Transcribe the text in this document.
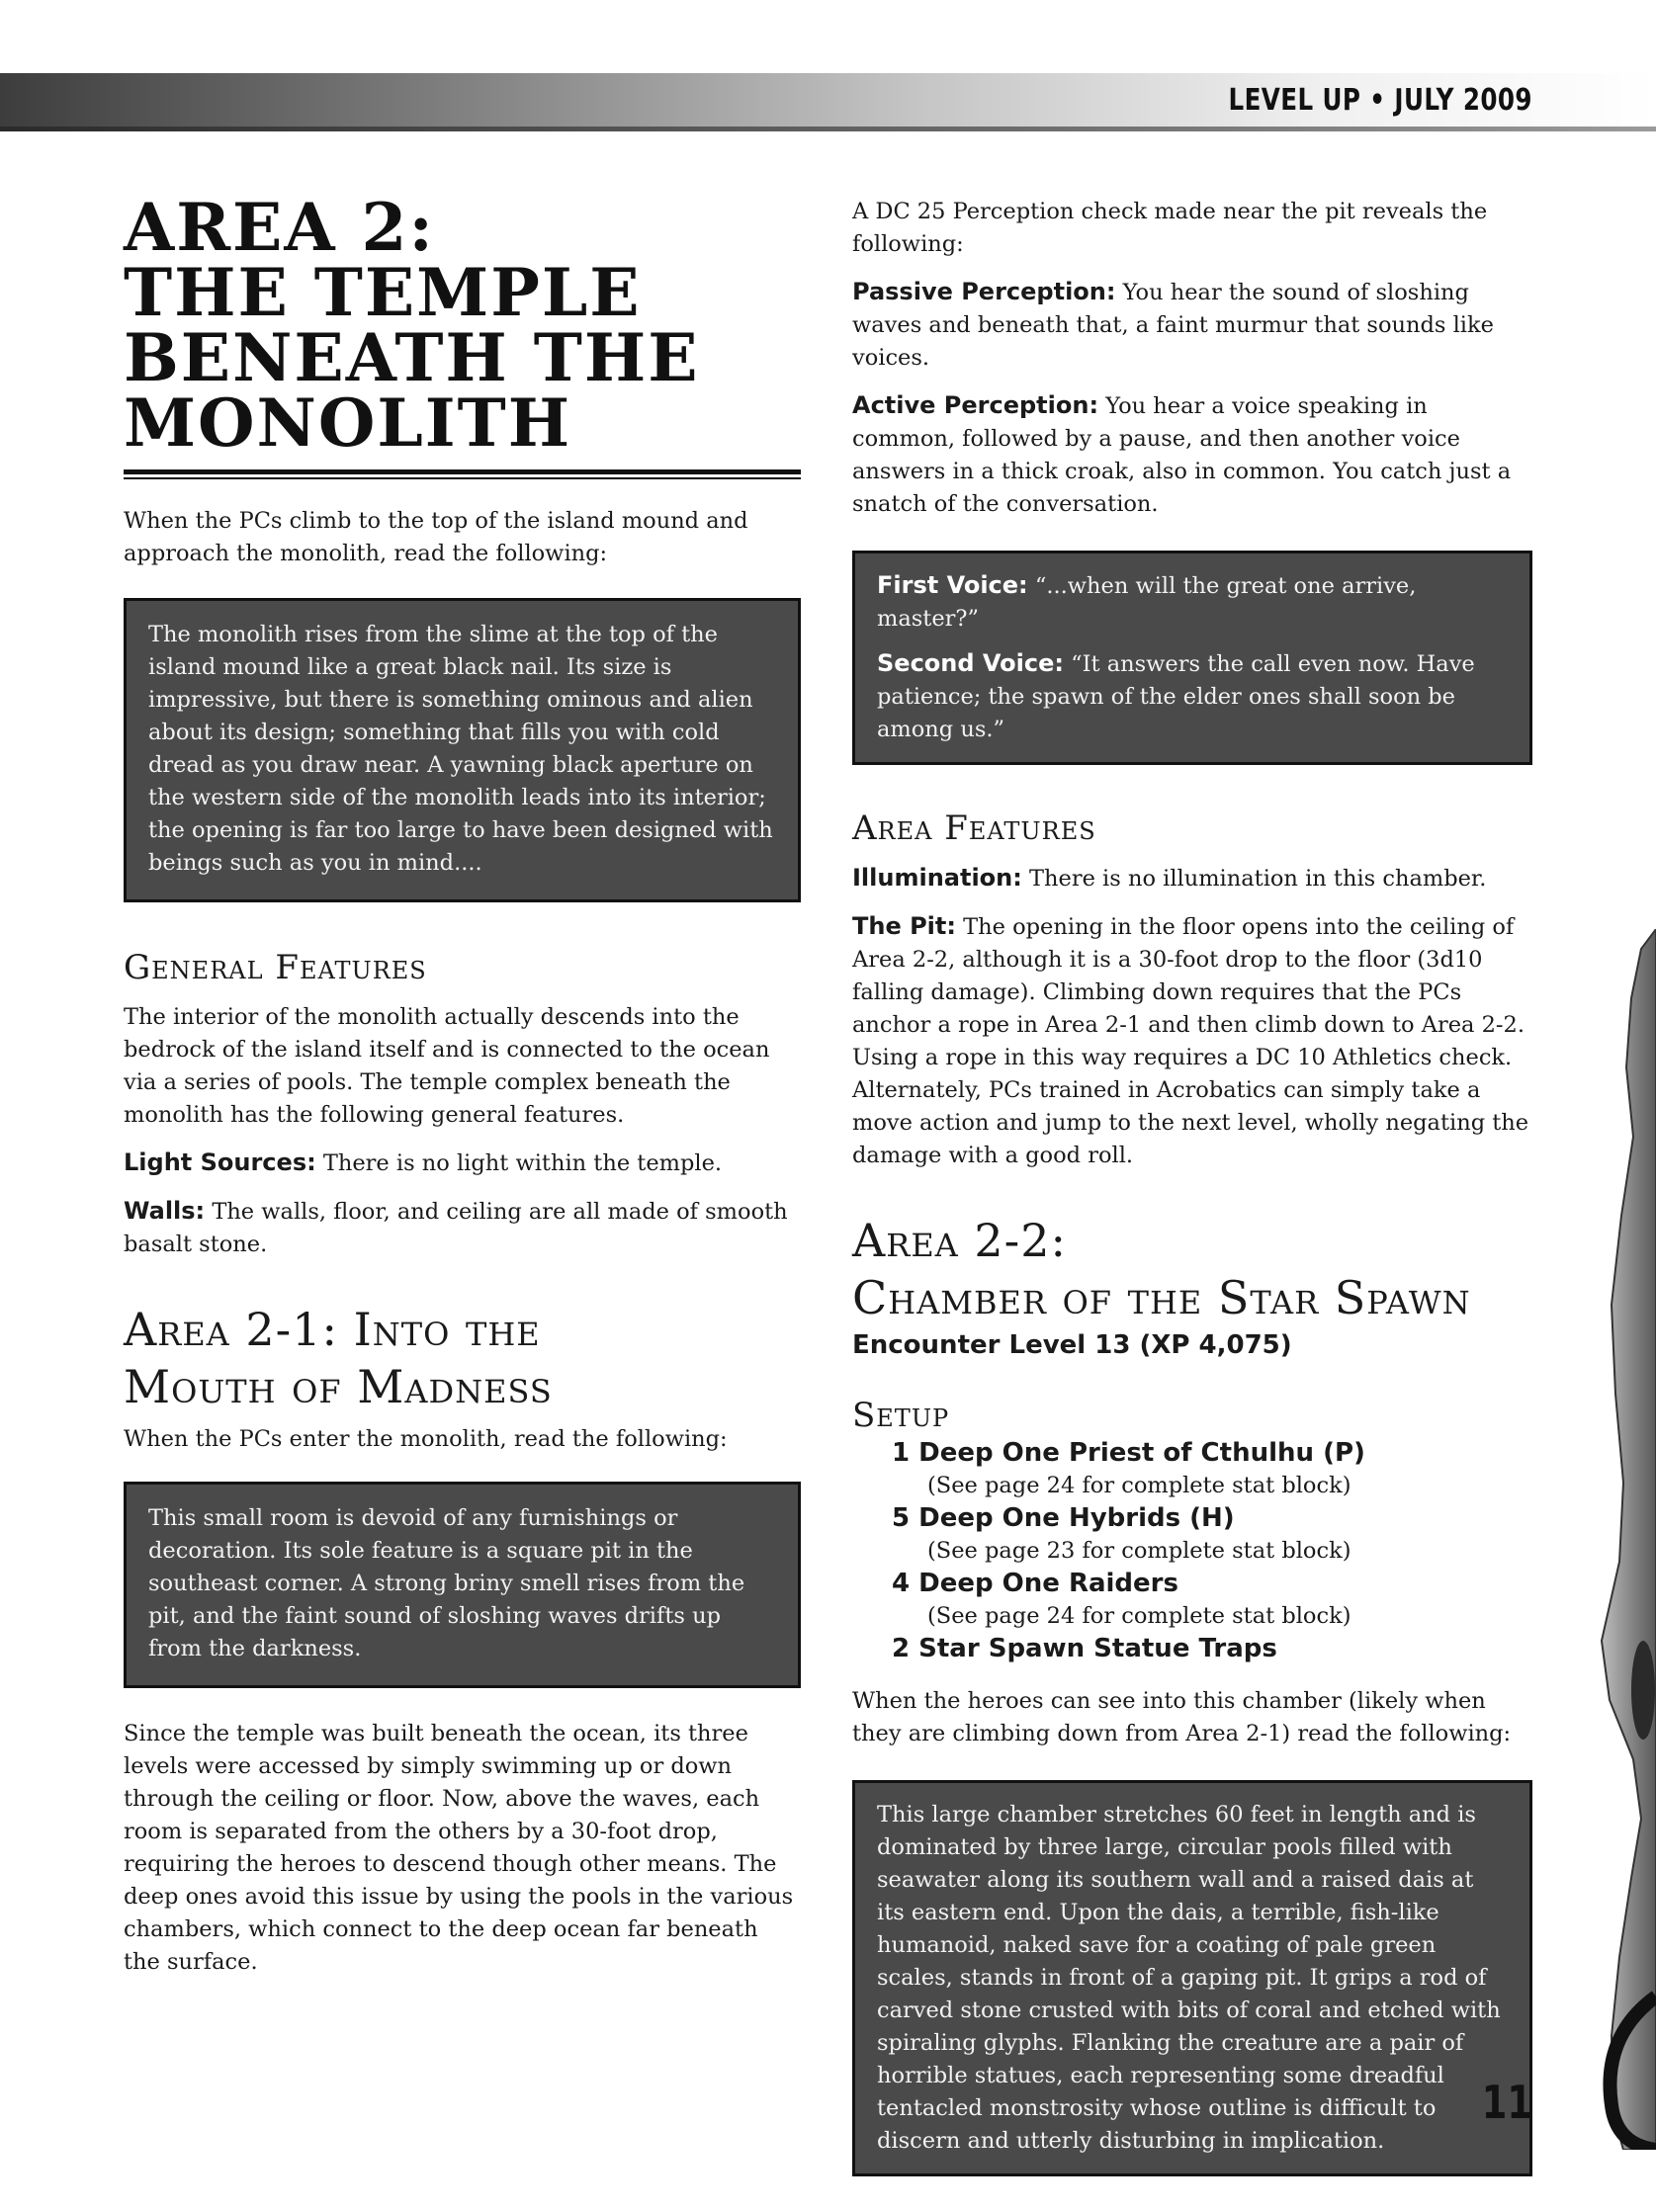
LEVEL UP • JULY 2009
AREA 2:
THE TEMPLE
BENEATH THE
MONOLITH

When the PCs climb to the top of the island mound and approach the monolith, read the following:

The monolith rises from the slime at the top of the island mound like a great black nail. Its size is impressive, but there is something ominous and alien about its design; something that fills you with cold dread as you draw near. A yawning black aperture on the western side of the monolith leads into its interior; the opening is far too large to have been designed with beings such as you in mind....

General Features

The interior of the monolith actually descends into the bedrock of the island itself and is connected to the ocean via a series of pools. The temple complex beneath the monolith has the following general features.

Light Sources: There is no light within the temple.

Walls: The walls, floor, and ceiling are all made of smooth basalt stone.

Area 2-1: Into the
Mouth of Madness

When the PCs enter the monolith, read the following:

This small room is devoid of any furnishings or decoration. Its sole feature is a square pit in the southeast corner. A strong briny smell rises from the pit, and the faint sound of sloshing waves drifts up from the darkness.

Since the temple was built beneath the ocean, its three levels were accessed by simply swimming up or down through the ceiling or floor. Now, above the waves, each room is separated from the others by a 30-foot drop, requiring the heroes to descend though other means. The deep ones avoid this issue by using the pools in the various chambers, which connect to the deep ocean far beneath the surface.

A DC 25 Perception check made near the pit reveals the following:

Passive Perception: You hear the sound of sloshing waves and beneath that, a faint murmur that sounds like voices.

Active Perception: You hear a voice speaking in common, followed by a pause, and then another voice answers in a thick croak, also in common. You catch just a snatch of the conversation.

First Voice: “...when will the great one arrive, master?”

Second Voice: “It answers the call even now. Have patience; the spawn of the elder ones shall soon be among us.”

Area Features

Illumination: There is no illumination in this chamber.

The Pit: The opening in the floor opens into the ceiling of Area 2-2, although it is a 30-foot drop to the floor (3d10 falling damage). Climbing down requires that the PCs anchor a rope in Area 2-1 and then climb down to Area 2-2. Using a rope in this way requires a DC 10 Athletics check. Alternately, PCs trained in Acrobatics can simply take a move action and jump to the next level, wholly negating the damage with a good roll.

Area 2-2:
Chamber of the Star Spawn
Encounter Level 13 (XP 4,075)
Setup
1 Deep One Priest of Cthulhu (P)
(See page 24 for complete stat block)
5 Deep One Hybrids (H)
(See page 23 for complete stat block)
4 Deep One Raiders
(See page 24 for complete stat block)
2 Star Spawn Statue Traps

When the heroes can see into this chamber (likely when they are climbing down from Area 2-1) read the following:

This large chamber stretches 60 feet in length and is dominated by three large, circular pools filled with seawater along its southern wall and a raised dais at its eastern end. Upon the dais, a terrible, fish-like humanoid, naked save for a coating of pale green scales, stands in front of a gaping pit. It grips a rod of carved stone crusted with bits of coral and etched with spiraling glyphs. Flanking the creature are a pair of horrible statues, each representing some dreadful tentacled monstrosity whose outline is difficult to discern and utterly disturbing in implication.

11
